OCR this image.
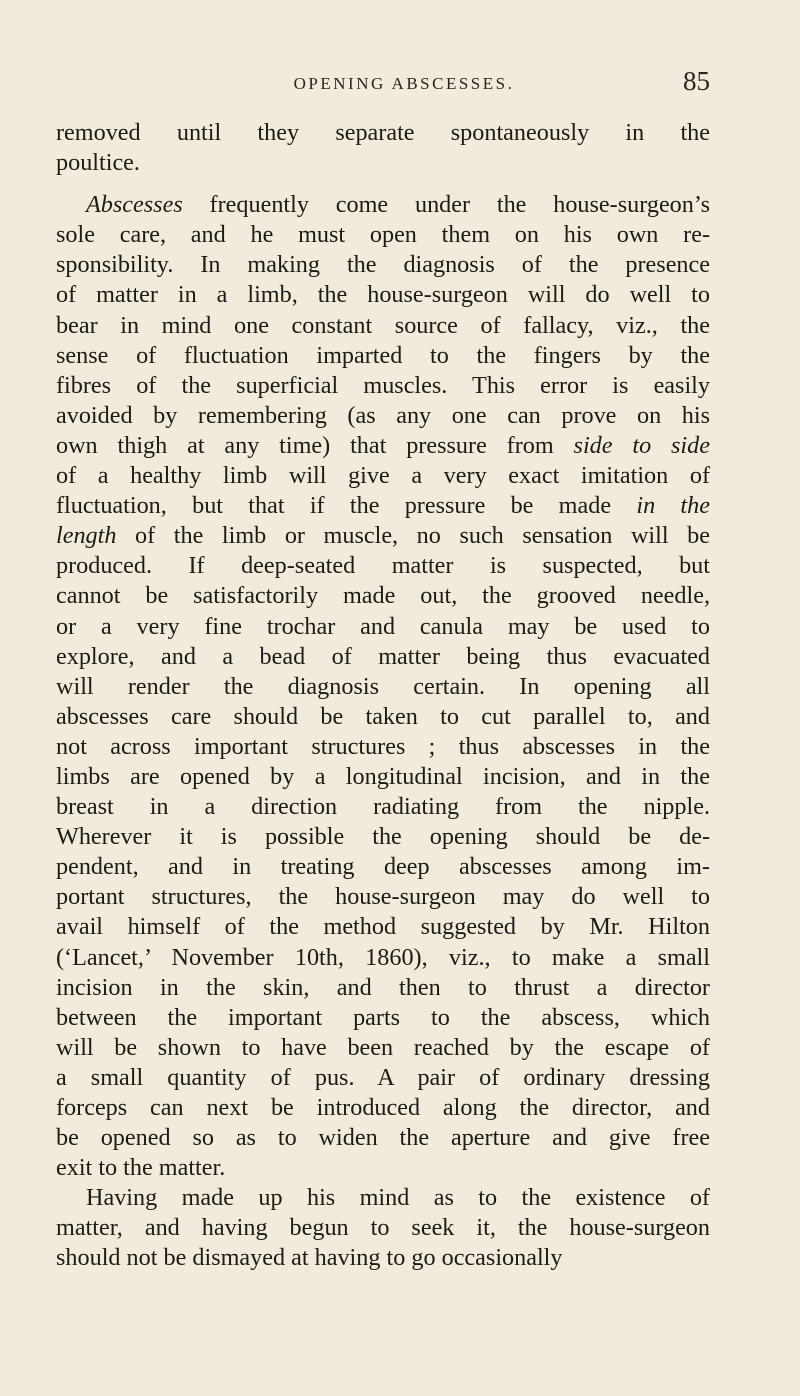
OPENING ABSCESSES.	85
removed until they separate spontaneously in the
poultice.
Abscesses frequently come under the house-surgeon’s
sole care, and he must open them on his own re-
sponsibility. In making the diagnosis of the presence
of matter in a limb, the house-surgeon will do well to
bear in mind one constant source of fallacy, viz., the
sense of fluctuation imparted to the fingers by the
fibres of the superficial muscles. This error is easily
avoided by remembering (as any one can prove on his
own thigh at any time) that pressure from side to side
of a healthy limb will give a very exact imitation of
fluctuation, but that if the pressure be made in the
length of the limb or muscle, no such sensation will be
produced. If deep-seated matter is suspected, but
cannot be satisfactorily made out, the grooved needle,
or a very fine trochar and canula may be used to
explore, and a bead of matter being thus evacuated
will render the diagnosis certain. In opening all
abscesses care should be taken to cut parallel to, and
not across important structures ; thus abscesses in the
limbs are opened by a longitudinal incision, and in the
breast in a direction radiating from the nipple.
Wherever it is possible the opening should be de-
pendent, and in treating deep abscesses among im-
portant structures, the house-surgeon may do well to
avail himself of the method suggested by Mr. Hilton
(‘Lancet,’ November 10th, 1860), viz., to make a small
incision in the skin, and then to thrust a director
between the important parts to the abscess, which
will be shown to have been reached by the escape of
a small quantity of pus. A pair of ordinary dressing
forceps can next be introduced along the director, and
be opened so as to widen the aperture and give free
exit to the matter.
Having made up his mind as to the existence of
matter, and having begun to seek it, the house-surgeon
should not be dismayed at having to go occasionally
